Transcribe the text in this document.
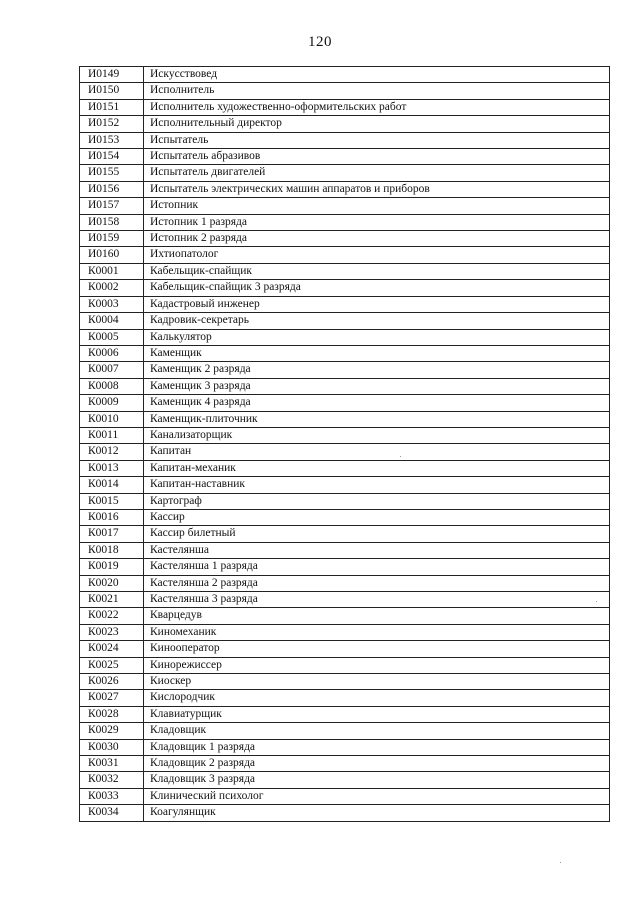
120
И0149	Искусствовед
И0150	Исполнитель
И0151	Исполнитель художественно-оформительских работ
И0152	Исполнительный директор
И0153	Испытатель
И0154	Испытатель абразивов
И0155	Испытатель двигателей
И0156	Испытатель электрических машин аппаратов и приборов
И0157	Истопник
И0158	Истопник 1 разряда
И0159	Истопник 2 разряда
И0160	Ихтиопатолог
К0001	Кабельщик-спайщик
К0002	Кабельщик-спайщик 3 разряда
К0003	Кадастровый инженер
К0004	Кадровик-секретарь
К0005	Калькулятор
К0006	Каменщик
К0007	Каменщик 2 разряда
К0008	Каменщик 3 разряда
К0009	Каменщик 4 разряда
К0010	Каменщик-плиточник
К0011	Канализаторщик
К0012	Капитан
К0013	Капитан-механик
К0014	Капитан-наставник
К0015	Картограф
К0016	Кассир
К0017	Кассир билетный
К0018	Кастелянша
К0019	Кастелянша 1 разряда
К0020	Кастелянша 2 разряда
К0021	Кастелянша 3 разряда
К0022	Кварцедув
К0023	Киномеханик
К0024	Кинооператор
К0025	Кинорежиссер
К0026	Киоскер
К0027	Кислородчик
К0028	Клавиатурщик
К0029	Кладовщик
К0030	Кладовщик 1 разряда
К0031	Кладовщик 2 разряда
К0032	Кладовщик 3 разряда
К0033	Клинический психолог
К0034	Коагулянщик
